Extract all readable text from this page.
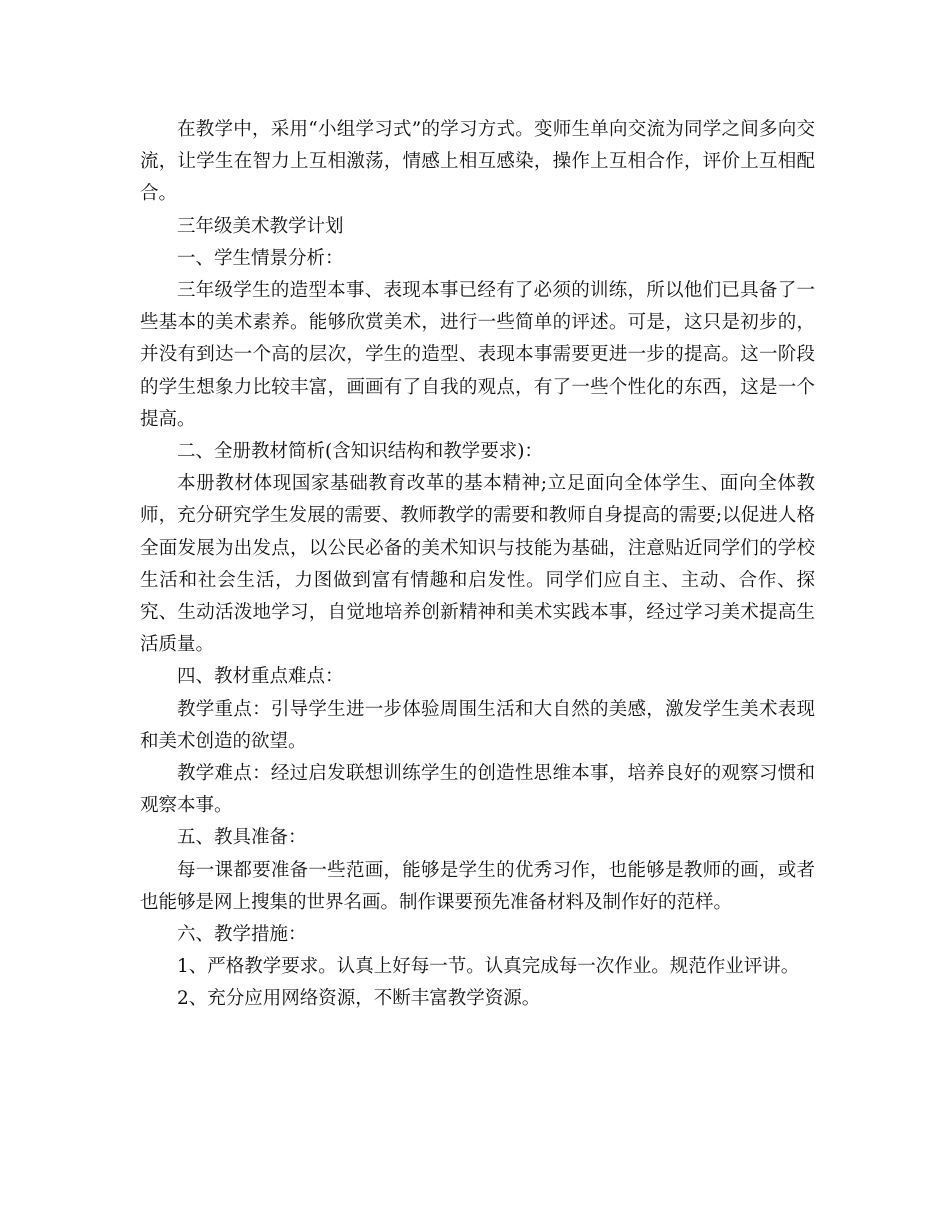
在教学中，采用“小组学习式”的学习方式。变师生单向交流为同学之间多向交流，让学生在智力上互相激荡，情感上相互感染，操作上互相合作，评价上互相配合。

三年级美术教学计划

一、学生情景分析：

三年级学生的造型本事、表现本事已经有了必须的训练，所以他们已具备了一些基本的美术素养。能够欣赏美术，进行一些简单的评述。可是，这只是初步的，并没有到达一个高的层次，学生的造型、表现本事需要更进一步的提高。这一阶段的学生想象力比较丰富，画画有了自我的观点，有了一些个性化的东西，这是一个提高。

二、全册教材简析(含知识结构和教学要求)：

本册教材体现国家基础教育改革的基本精神;立足面向全体学生、面向全体教师，充分研究学生发展的需要、教师教学的需要和教师自身提高的需要;以促进人格全面发展为出发点，以公民必备的美术知识与技能为基础，注意贴近同学们的学校生活和社会生活，力图做到富有情趣和启发性。同学们应自主、主动、合作、探究、生动活泼地学习，自觉地培养创新精神和美术实践本事，经过学习美术提高生活质量。

四、教材重点难点：

教学重点：引导学生进一步体验周围生活和大自然的美感，激发学生美术表现和美术创造的欲望。

教学难点：经过启发联想训练学生的创造性思维本事，培养良好的观察习惯和观察本事。

五、教具准备：

每一课都要准备一些范画，能够是学生的优秀习作，也能够是教师的画，或者也能够是网上搜集的世界名画。制作课要预先准备材料及制作好的范样。

六、教学措施：

1、严格教学要求。认真上好每一节。认真完成每一次作业。规范作业评讲。

2、充分应用网络资源，不断丰富教学资源。
